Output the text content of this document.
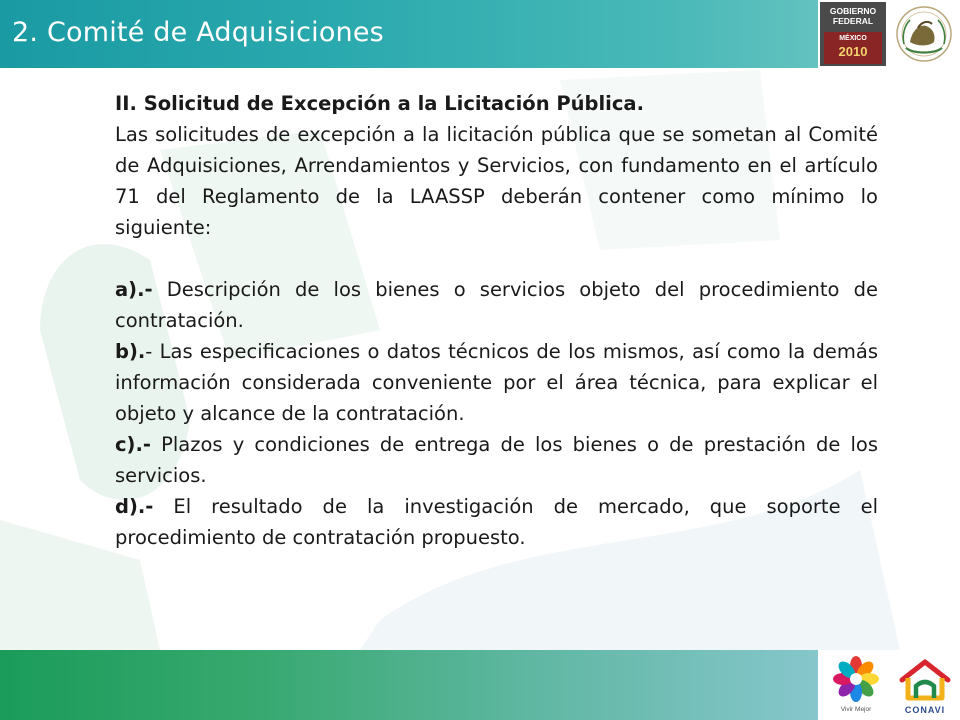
2. Comité de Adquisiciones
GOBIERNO
FEDERAL
MÉXICO
2010

II. Solicitud de Excepción a la Licitación Pública.

Las solicitudes de excepción a la licitación pública que se sometan al Comité de Adquisiciones, Arrendamientos y Servicios, con fundamento en el artículo 71 del Reglamento de la LAASSP deberán contener como mínimo lo siguiente:

a).- Descripción de los bienes o servicios objeto del procedimiento de contratación.

b).- Las especificaciones o datos técnicos de los mismos, así como la demás información considerada conveniente por el área técnica, para explicar el objeto y alcance de la contratación.

c).- Plazos y condiciones de entrega de los bienes o de prestación de los servicios.

d).- El resultado de la investigación de mercado, que soporte el procedimiento de contratación propuesto.

Vivir Mejor	CONAVI
